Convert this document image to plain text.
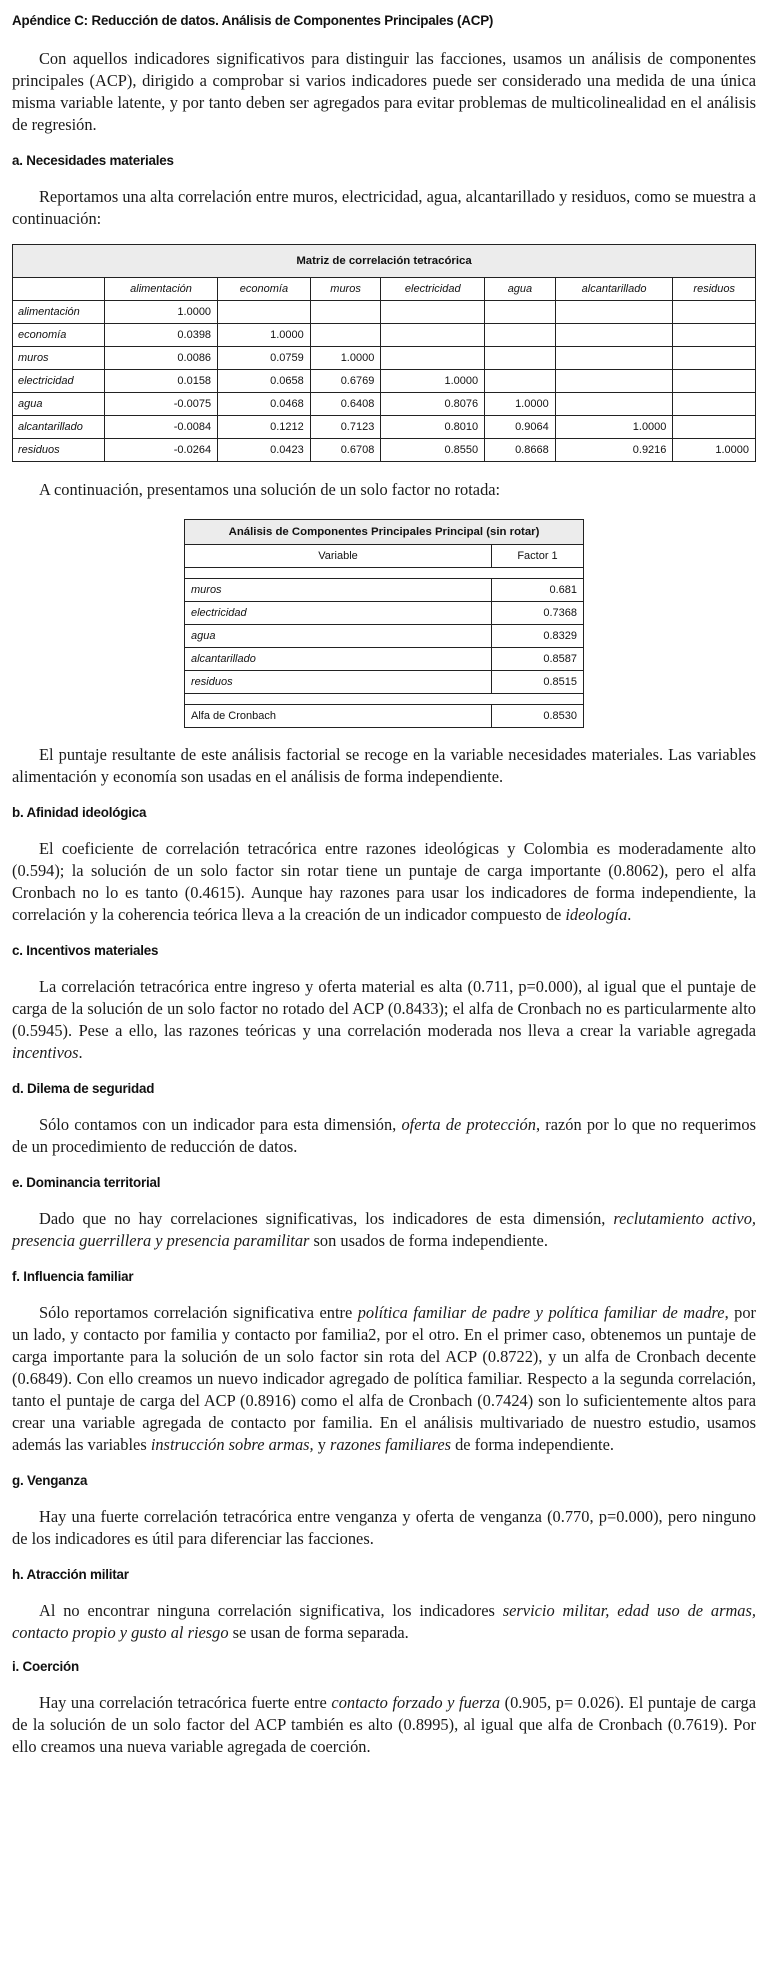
Apéndice C: Reducción de datos. Análisis de Componentes Principales (ACP)

Con aquellos indicadores significativos para distinguir las facciones, usamos un análisis de componentes principales (ACP), dirigido a comprobar si varios indicadores puede ser considerado una medida de una única misma variable latente, y por tanto deben ser agregados para evitar problemas de multicolinealidad en el análisis de regresión.

a. Necesidades materiales

Reportamos una alta correlación entre muros, electricidad, agua, alcantarillado y residuos, como se muestra a continuación:

Matriz de correlación tetracórica							
	alimentación	economía	muros	electricidad	agua	alcantarillado	residuos
alimentación	1.0000						
economía	0.0398	1.0000					
muros	0.0086	0.0759	1.0000				
electricidad	0.0158	0.0658	0.6769	1.0000			
agua	-0.0075	0.0468	0.6408	0.8076	1.0000		
alcantarillado	-0.0084	0.1212	0.7123	0.8010	0.9064	1.0000	
residuos	-0.0264	0.0423	0.6708	0.8550	0.8668	0.9216	1.0000

A continuación, presentamos una solución de un solo factor no rotada:

Análisis de Componentes Principales Principal (sin rotar)	
Variable	Factor 1

muros	0.681
electricidad	0.7368
agua	0.8329
alcantarillado	0.8587
residuos	0.8515

Alfa de Cronbach	0.8530

El puntaje resultante de este análisis factorial se recoge en la variable necesidades materiales. Las variables alimentación y economía son usadas en el análisis de forma independiente.

b. Afinidad ideológica

El coeficiente de correlación tetracórica entre razones ideológicas y Colombia es moderadamente alto (0.594); la solución de un solo factor sin rotar tiene un puntaje de carga importante (0.8062), pero el alfa Cronbach no lo es tanto (0.4615). Aunque hay razones para usar los indicadores de forma independiente, la correlación y la coherencia teórica lleva a la creación de un indicador compuesto de ideología.

c. Incentivos materiales

La correlación tetracórica entre ingreso y oferta material es alta (0.711, p=0.000), al igual que el puntaje de carga de la solución de un solo factor no rotado del ACP (0.8433); el alfa de Cronbach no es particularmente alto (0.5945). Pese a ello, las razones teóricas y una correlación moderada nos lleva a crear la variable agregada incentivos.

d. Dilema de seguridad

Sólo contamos con un indicador para esta dimensión, oferta de protección, razón por lo que no requerimos de un procedimiento de reducción de datos.

e. Dominancia territorial

Dado que no hay correlaciones significativas, los indicadores de esta dimensión, reclutamiento activo, presencia guerrillera y presencia paramilitar son usados de forma independiente.

f. Influencia familiar

Sólo reportamos correlación significativa entre política familiar de padre y política familiar de madre, por un lado, y contacto por familia y contacto por familia2, por el otro. En el primer caso, obtenemos un puntaje de carga importante para la solución de un solo factor sin rota del ACP (0.8722), y un alfa de Cronbach decente (0.6849). Con ello creamos un nuevo indicador agregado de política familiar. Respecto a la segunda correlación, tanto el puntaje de carga del ACP (0.8916) como el alfa de Cronbach (0.7424) son lo suficientemente altos para crear una variable agregada de contacto por familia. En el análisis multivariado de nuestro estudio, usamos además las variables instrucción sobre armas, y razones familiares de forma independiente.

g. Venganza

Hay una fuerte correlación tetracórica entre venganza y oferta de venganza (0.770, p=0.000), pero ninguno de los indicadores es útil para diferenciar las facciones.

h. Atracción militar

Al no encontrar ninguna correlación significativa, los indicadores servicio militar, edad uso de armas, contacto propio y gusto al riesgo se usan de forma separada.

i. Coerción

Hay una correlación tetracórica fuerte entre contacto forzado y fuerza (0.905, p= 0.026). El puntaje de carga de la solución de un solo factor del ACP también es alto (0.8995), al igual que alfa de Cronbach (0.7619). Por ello creamos una nueva variable agregada de coerción.
